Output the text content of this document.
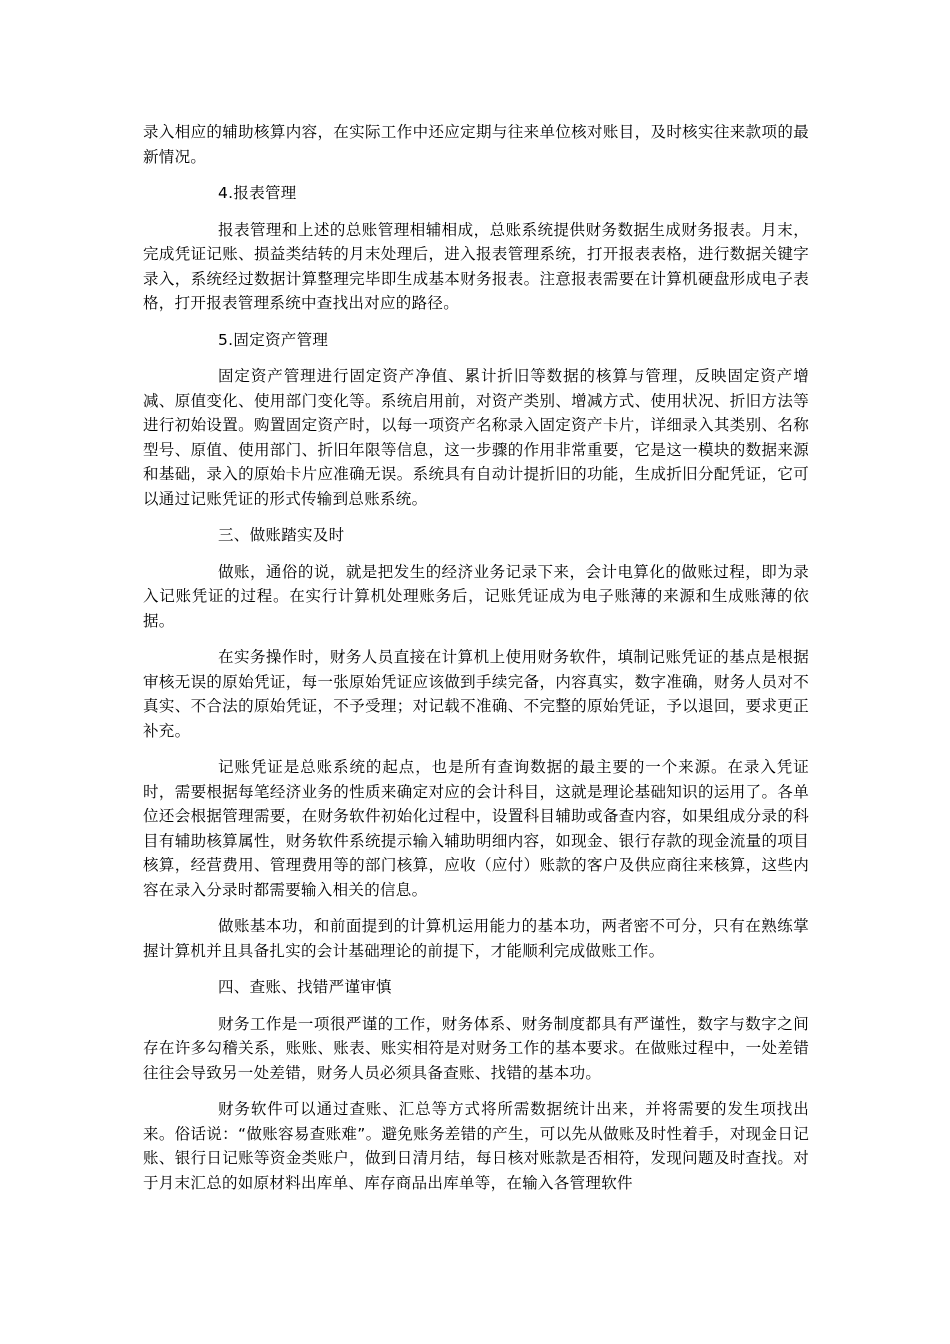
录入相应的辅助核算内容，在实际工作中还应定期与往来单位核对账目，及时核实往来款项的最新情况。

4.报表管理

报表管理和上述的总账管理相辅相成，总账系统提供财务数据生成财务报表。月末，完成凭证记账、损益类结转的月末处理后，进入报表管理系统，打开报表表格，进行数据关键字录入，系统经过数据计算整理完毕即生成基本财务报表。注意报表需要在计算机硬盘形成电子表格，打开报表管理系统中查找出对应的路径。

5.固定资产管理

固定资产管理进行固定资产净值、累计折旧等数据的核算与管理，反映固定资产增减、原值变化、使用部门变化等。系统启用前，对资产类别、增减方式、使用状况、折旧方法等进行初始设置。购置固定资产时，以每一项资产名称录入固定资产卡片，详细录入其类别、名称型号、原值、使用部门、折旧年限等信息，这一步骤的作用非常重要，它是这一模块的数据来源和基础，录入的原始卡片应准确无误。系统具有自动计提折旧的功能，生成折旧分配凭证，它可以通过记账凭证的形式传输到总账系统。

三、做账踏实及时

做账，通俗的说，就是把发生的经济业务记录下来，会计电算化的做账过程，即为录入记账凭证的过程。在实行计算机处理账务后，记账凭证成为电子账薄的来源和生成账薄的依据。

在实务操作时，财务人员直接在计算机上使用财务软件，填制记账凭证的基点是根据审核无误的原始凭证，每一张原始凭证应该做到手续完备，内容真实，数字准确，财务人员对不真实、不合法的原始凭证，不予受理；对记载不准确、不完整的原始凭证，予以退回，要求更正补充。

记账凭证是总账系统的起点，也是所有查询数据的最主要的一个来源。在录入凭证时，需要根据每笔经济业务的性质来确定对应的会计科目，这就是理论基础知识的运用了。各单位还会根据管理需要，在财务软件初始化过程中，设置科目辅助或备查内容，如果组成分录的科目有辅助核算属性，财务软件系统提示输入辅助明细内容，如现金、银行存款的现金流量的项目核算，经营费用、管理费用等的部门核算，应收（应付）账款的客户及供应商往来核算，这些内容在录入分录时都需要输入相关的信息。

做账基本功，和前面提到的计算机运用能力的基本功，两者密不可分，只有在熟练掌握计算机并且具备扎实的会计基础理论的前提下，才能顺利完成做账工作。

四、查账、找错严谨审慎

财务工作是一项很严谨的工作，财务体系、财务制度都具有严谨性，数字与数字之间存在许多勾稽关系，账账、账表、账实相符是对财务工作的基本要求。在做账过程中，一处差错往往会导致另一处差错，财务人员必须具备查账、找错的基本功。

财务软件可以通过查账、汇总等方式将所需数据统计出来，并将需要的发生项找出来。俗话说：“做账容易查账难”。避免账务差错的产生，可以先从做账及时性着手，对现金日记账、银行日记账等资金类账户，做到日清月结，每日核对账款是否相符，发现问题及时查找。对于月末汇总的如原材料出库单、库存商品出库单等，在输入各管理软件
